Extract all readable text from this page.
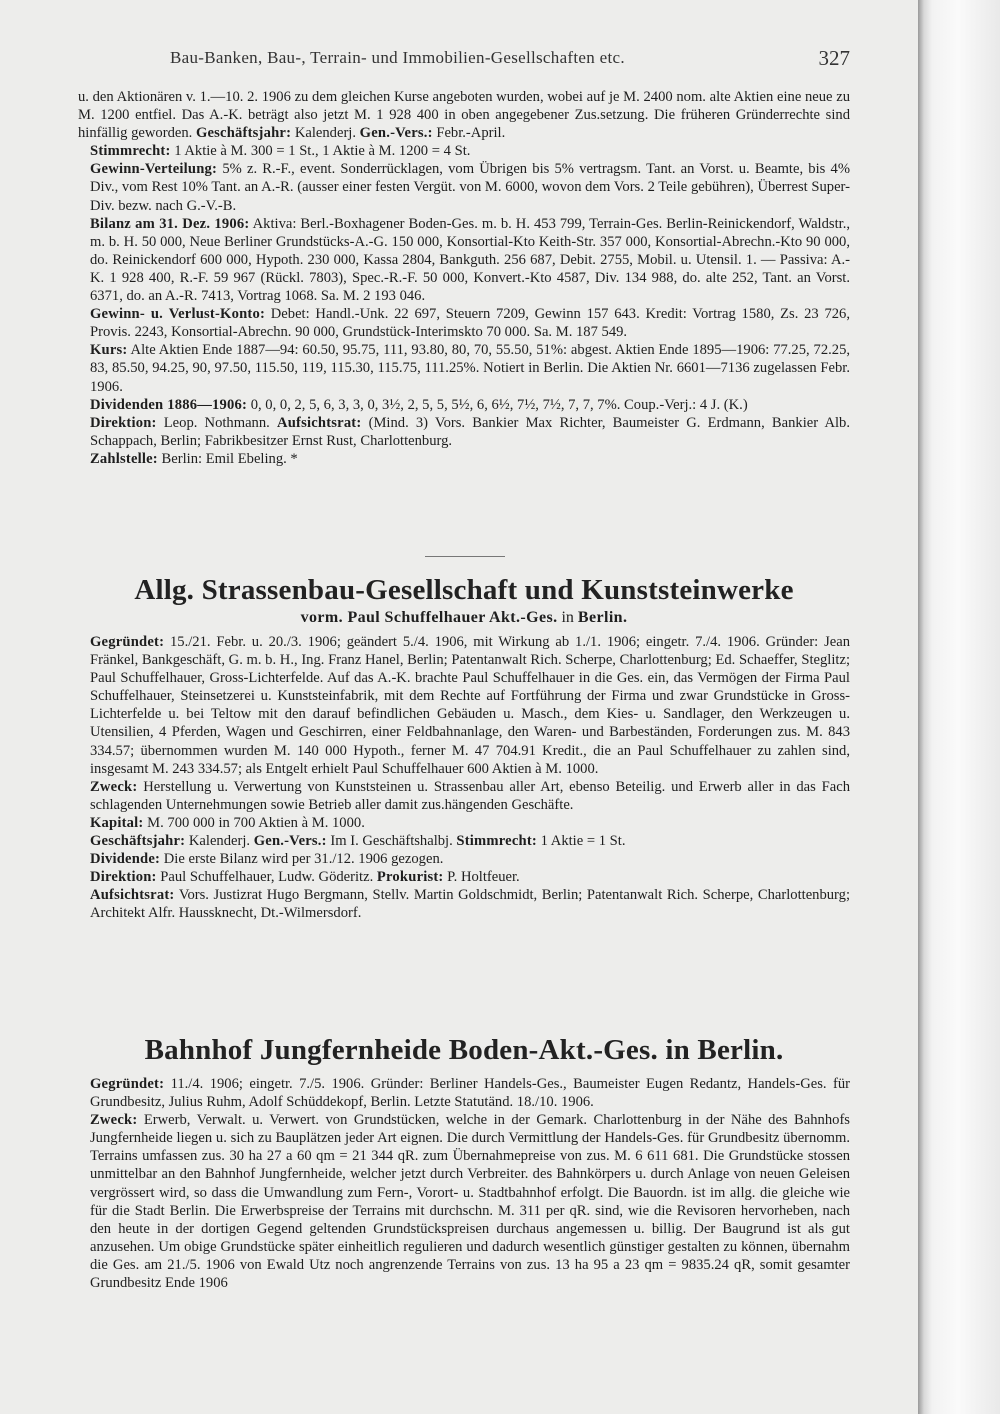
Bau-Banken, Bau-, Terrain- und Immobilien-Gesellschaften etc.	327

u. den Aktionären v. 1.—10. 2. 1906 zu dem gleichen Kurse angeboten wurden, wobei auf je M. 2400 nom. alte Aktien eine neue zu M. 1200 entfiel. Das A.-K. beträgt also jetzt M. 1 928 400 in oben angegebener Zus.setzung. Die früheren Gründerrechte sind hinfällig geworden. Geschäftsjahr: Kalenderj. Gen.-Vers.: Febr.-April.

Stimmrecht: 1 Aktie à M. 300 = 1 St., 1 Aktie à M. 1200 = 4 St.

Gewinn-Verteilung: 5% z. R.-F., event. Sonderrücklagen, vom Übrigen bis 5% vertragsm. Tant. an Vorst. u. Beamte, bis 4% Div., vom Rest 10% Tant. an A.-R. (ausser einer festen Vergüt. von M. 6000, wovon dem Vors. 2 Teile gebühren), Überrest Super-Div. bezw. nach G.-V.-B.

Bilanz am 31. Dez. 1906: Aktiva: Berl.-Boxhagener Boden-Ges. m. b. H. 453 799, Terrain-Ges. Berlin-Reinickendorf, Waldstr., m. b. H. 50 000, Neue Berliner Grundstücks-A.-G. 150 000, Konsortial-Kto Keith-Str. 357 000, Konsortial-Abrechn.-Kto 90 000, do. Reinickendorf 600 000, Hypoth. 230 000, Kassa 2804, Bankguth. 256 687, Debit. 2755, Mobil. u. Utensil. 1. — Passiva: A.-K. 1 928 400, R.-F. 59 967 (Rückl. 7803), Spec.-R.-F. 50 000, Konvert.-Kto 4587, Div. 134 988, do. alte 252, Tant. an Vorst. 6371, do. an A.-R. 7413, Vortrag 1068. Sa. M. 2 193 046.

Gewinn- u. Verlust-Konto: Debet: Handl.-Unk. 22 697, Steuern 7209, Gewinn 157 643. Kredit: Vortrag 1580, Zs. 23 726, Provis. 2243, Konsortial-Abrechn. 90 000, Grundstück-Interimskto 70 000. Sa. M. 187 549.

Kurs: Alte Aktien Ende 1887—94: 60.50, 95.75, 111, 93.80, 80, 70, 55.50, 51%: abgest. Aktien Ende 1895—1906: 77.25, 72.25, 83, 85.50, 94.25, 90, 97.50, 115.50, 119, 115.30, 115.75, 111.25%. Notiert in Berlin. Die Aktien Nr. 6601—7136 zugelassen Febr. 1906.

Dividenden 1886—1906: 0, 0, 0, 2, 5, 6, 3, 3, 0, 3½, 2, 5, 5, 5½, 6, 6½, 7½, 7½, 7, 7, 7%. Coup.-Verj.: 4 J. (K.)

Direktion: Leop. Nothmann. Aufsichtsrat: (Mind. 3) Vors. Bankier Max Richter, Baumeister G. Erdmann, Bankier Alb. Schappach, Berlin; Fabrikbesitzer Ernst Rust, Charlottenburg.

Zahlstelle: Berlin: Emil Ebeling. *

Allg. Strassenbau-Gesellschaft und Kunststeinwerke
vorm. Paul Schuffelhauer Akt.-Ges. in Berlin.

Gegründet: 15./21. Febr. u. 20./3. 1906; geändert 5./4. 1906, mit Wirkung ab 1./1. 1906; eingetr. 7./4. 1906. Gründer: Jean Fränkel, Bankgeschäft, G. m. b. H., Ing. Franz Hanel, Berlin; Patentanwalt Rich. Scherpe, Charlottenburg; Ed. Schaeffer, Steglitz; Paul Schuffelhauer, Gross-Lichterfelde. Auf das A.-K. brachte Paul Schuffelhauer in die Ges. ein, das Vermögen der Firma Paul Schuffelhauer, Steinsetzerei u. Kunststeinfabrik, mit dem Rechte auf Fortführung der Firma und zwar Grundstücke in Gross-Lichterfelde u. bei Teltow mit den darauf befindlichen Gebäuden u. Masch., dem Kies- u. Sandlager, den Werkzeugen u. Utensilien, 4 Pferden, Wagen und Geschirren, einer Feldbahnanlage, den Waren- und Barbeständen, Forderungen zus. M. 843 334.57; übernommen wurden M. 140 000 Hypoth., ferner M. 47 704.91 Kredit., die an Paul Schuffelhauer zu zahlen sind, insgesamt M. 243 334.57; als Entgelt erhielt Paul Schuffelhauer 600 Aktien à M. 1000.

Zweck: Herstellung u. Verwertung von Kunststeinen u. Strassenbau aller Art, ebenso Beteilig. und Erwerb aller in das Fach schlagenden Unternehmungen sowie Betrieb aller damit zus.hängenden Geschäfte.

Kapital: M. 700 000 in 700 Aktien à M. 1000.

Geschäftsjahr: Kalenderj. Gen.-Vers.: Im I. Geschäftshalbj. Stimmrecht: 1 Aktie = 1 St.

Dividende: Die erste Bilanz wird per 31./12. 1906 gezogen.

Direktion: Paul Schuffelhauer, Ludw. Göderitz. Prokurist: P. Holtfeuer.

Aufsichtsrat: Vors. Justizrat Hugo Bergmann, Stellv. Martin Goldschmidt, Berlin; Patentanwalt Rich. Scherpe, Charlottenburg; Architekt Alfr. Haussknecht, Dt.-Wilmersdorf.

Bahnhof Jungfernheide Boden-Akt.-Ges. in Berlin.

Gegründet: 11./4. 1906; eingetr. 7./5. 1906. Gründer: Berliner Handels-Ges., Baumeister Eugen Redantz, Handels-Ges. für Grundbesitz, Julius Ruhm, Adolf Schüddekopf, Berlin. Letzte Statutänd. 18./10. 1906.

Zweck: Erwerb, Verwalt. u. Verwert. von Grundstücken, welche in der Gemark. Charlottenburg in der Nähe des Bahnhofs Jungfernheide liegen u. sich zu Bauplätzen jeder Art eignen. Die durch Vermittlung der Handels-Ges. für Grundbesitz übernomm. Terrains umfassen zus. 30 ha 27 a 60 qm = 21 344 qR. zum Übernahmepreise von zus. M. 6 611 681. Die Grundstücke stossen unmittelbar an den Bahnhof Jungfernheide, welcher jetzt durch Verbreiter. des Bahnkörpers u. durch Anlage von neuen Geleisen vergrössert wird, so dass die Umwandlung zum Fern-, Vorort- u. Stadtbahnhof erfolgt. Die Bauordn. ist im allg. die gleiche wie für die Stadt Berlin. Die Erwerbspreise der Terrains mit durchschn. M. 311 per qR. sind, wie die Revisoren hervorheben, nach den heute in der dortigen Gegend geltenden Grundstückspreisen durchaus angemessen u. billig. Der Baugrund ist als gut anzusehen. Um obige Grundstücke später einheitlich regulieren und dadurch wesentlich günstiger gestalten zu können, übernahm die Ges. am 21./5. 1906 von Ewald Utz noch angrenzende Terrains von zus. 13 ha 95 a 23 qm = 9835.24 qR, somit gesamter Grundbesitz Ende 1906
